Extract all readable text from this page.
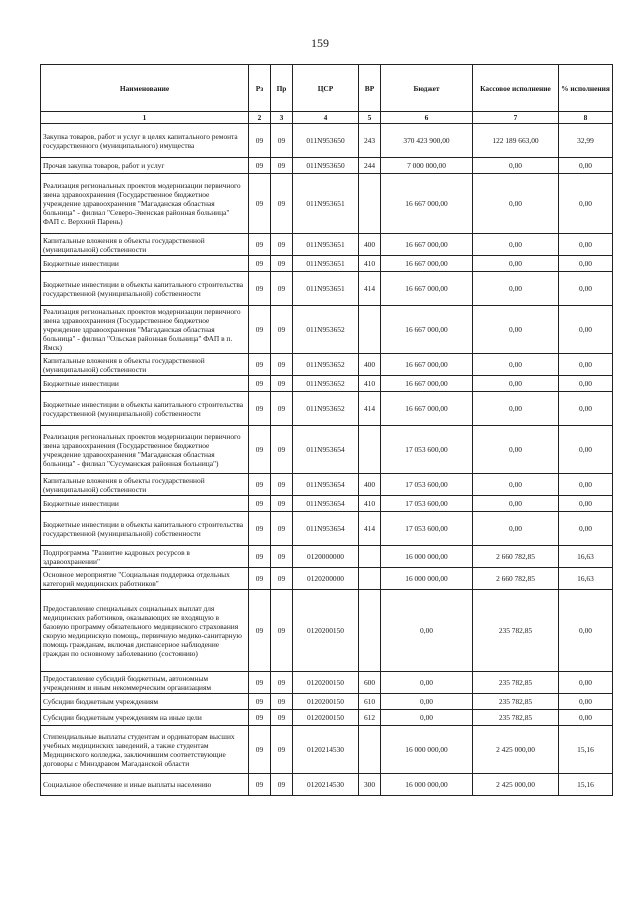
159
Наименование	Рз	Пр	ЦСР	ВР	Бюджет	Кассовое исполнение	% исполнения
1	2	3	4	5	6	7	8
Закупка товаров, работ и услуг в целях капитального ремонта государственного (муниципального) имущества	09	09	011N953650	243	370 423 900,00	122 189 663,00	32,99
Прочая закупка товаров, работ и услуг	09	09	011N953650	244	7 000 000,00	0,00	0,00
Реализация региональных проектов модернизации первичного звена здравоохранения (Государственное бюджетное учреждение здравоохранения "Магаданская областная больница" - филиал "Северо-Эвенская районная больница" ФАП с. Верхний Парень)	09	09	011N953651		16 667 000,00	0,00	0,00
Капитальные вложения в объекты государственной (муниципальной) собственности	09	09	011N953651	400	16 667 000,00	0,00	0,00
Бюджетные инвестиции	09	09	011N953651	410	16 667 000,00	0,00	0,00
Бюджетные инвестиции в объекты капитального строительства государственной (муниципальной) собственности	09	09	011N953651	414	16 667 000,00	0,00	0,00
Реализация региональных проектов модернизации первичного звена здравоохранения (Государственное бюджетное учреждение здравоохранения "Магаданская областная больница" - филиал "Ольская районная больница" ФАП в п. Ямск)	09	09	011N953652		16 667 000,00	0,00	0,00
Капитальные вложения в объекты государственной (муниципальной) собственности	09	09	011N953652	400	16 667 000,00	0,00	0,00
Бюджетные инвестиции	09	09	011N953652	410	16 667 000,00	0,00	0,00
Бюджетные инвестиции в объекты капитального строительства государственной (муниципальной) собственности	09	09	011N953652	414	16 667 000,00	0,00	0,00
Реализация региональных проектов модернизации первичного звена здравоохранения (Государственное бюджетное учреждение здравоохранения "Магаданская областная больница" - филиал "Сусуманская районная больница")	09	09	011N953654		17 053 600,00	0,00	0,00
Капитальные вложения в объекты государственной (муниципальной) собственности	09	09	011N953654	400	17 053 600,00	0,00	0,00
Бюджетные инвестиции	09	09	011N953654	410	17 053 600,00	0,00	0,00
Бюджетные инвестиции в объекты капитального строительства государственной (муниципальной) собственности	09	09	011N953654	414	17 053 600,00	0,00	0,00
Подпрограмма "Развитие кадровых ресурсов в здравоохранении"	09	09	0120000000		16 000 000,00	2 660 782,85	16,63
Основное мероприятие "Социальная поддержка отдельных категорий медицинских работников"	09	09	0120200000		16 000 000,00	2 660 782,85	16,63
Предоставление специальных социальных выплат для медицинских работников, оказывающих не входящую в базовую программу обязательного медицинского страхования скорую медицинскую помощь, первичную медико-санитарную помощь гражданам, включая диспансерное наблюдение граждан по основному заболеванию (состоянию)	09	09	0120200150		0,00	235 782,85	0,00
Предоставление субсидий бюджетным, автономным учреждениям и иным некоммерческим организациям	09	09	0120200150	600	0,00	235 782,85	0,00
Субсидии бюджетным учреждениям	09	09	0120200150	610	0,00	235 782,85	0,00
Субсидии бюджетным учреждениям на иные цели	09	09	0120200150	612	0,00	235 782,85	0,00
Стипендиальные выплаты студентам и ординаторам высших учебных медицинских заведений, а также студентам Медицинского колледжа, заключившим соответствующие договоры с Минздравом Магаданской области	09	09	0120214530		16 000 000,00	2 425 000,00	15,16
Социальное обеспечение и иные выплаты населению	09	09	0120214530	300	16 000 000,00	2 425 000,00	15,16
